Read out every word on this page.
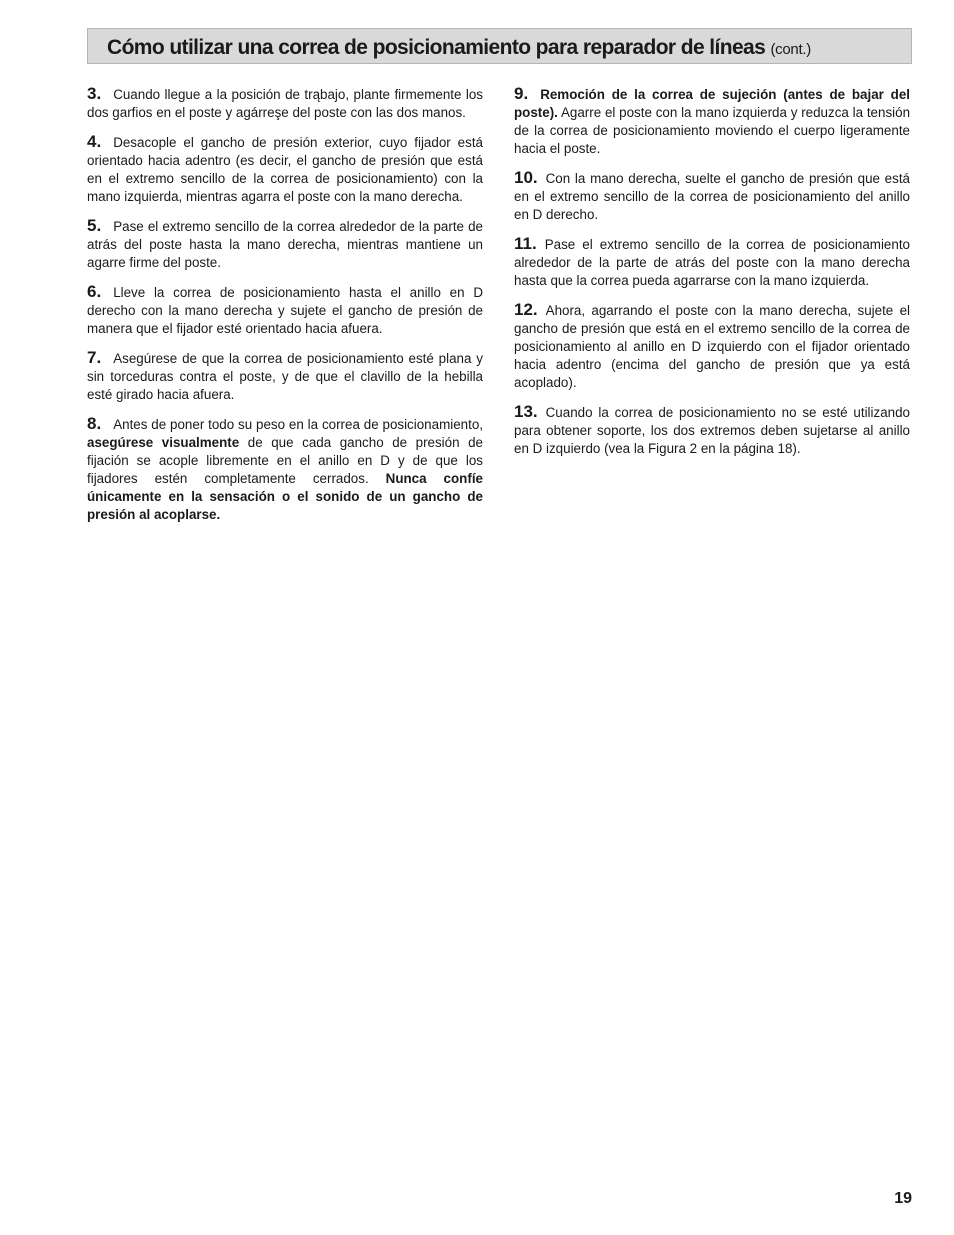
Cómo utilizar una correa de posicionamiento para reparador de líneas (cont.)

3. Cuando llegue a la posición de trąbajo, plante firmemente los dos garfios en el poste y agárreşe del poste con las dos manos.

4. Desacople el gancho de presión exterior, cuyo fijador está orientado hacia adentro (es decir, el gancho de presión que está en el extremo sencillo de la correa de posicionamiento) con la mano izquierda, mientras agarra el poste con la mano derecha.

5. Pase el extremo sencillo de la correa alrededor de la parte de atrás del poste hasta la mano derecha, mientras mantiene un agarre firme del poste.

6. Lleve la correa de posicionamiento hasta el anillo en D derecho con la mano derecha y sujete el gancho de presión de manera que el fijador esté orientado hacia afuera.

7. Asegúrese de que la correa de posicionamiento esté plana y sin torceduras contra el poste, y de que el clavillo de la hebilla esté girado hacia afuera.

8. Antes de poner todo su peso en la correa de posicionamiento, asegúrese visualmente de que cada gancho de presión de fijación se acople libremente en el anillo en D y de que los fijadores estén completamente cerrados. Nunca confíe únicamente en la sensación o el sonido de un gancho de presión al acoplarse.

9. Remoción de la correa de sujeción (antes de bajar del poste). Agarre el poste con la mano izquierda y reduzca la tensión de la correa de posicionamiento moviendo el cuerpo ligeramente hacia el poste.

10. Con la mano derecha, suelte el gancho de presión que está en el extremo sencillo de la correa de posicionamiento del anillo en D derecho.

11. Pase el extremo sencillo de la correa de posicionamiento alrededor de la parte de atrás del poste con la mano derecha hasta que la correa pueda agarrarse con la mano izquierda.

12. Ahora, agarrando el poste con la mano derecha, sujete el gancho de presión que está en el extremo sencillo de la correa de posicionamiento al anillo en D izquierdo con el fijador orientado hacia adentro (encima del gancho de presión que ya está acoplado).

13. Cuando la correa de posicionamiento no se esté utilizando para obtener soporte, los dos extremos deben sujetarse al anillo en D izquierdo (vea la Figura 2 en la página 18).

19
